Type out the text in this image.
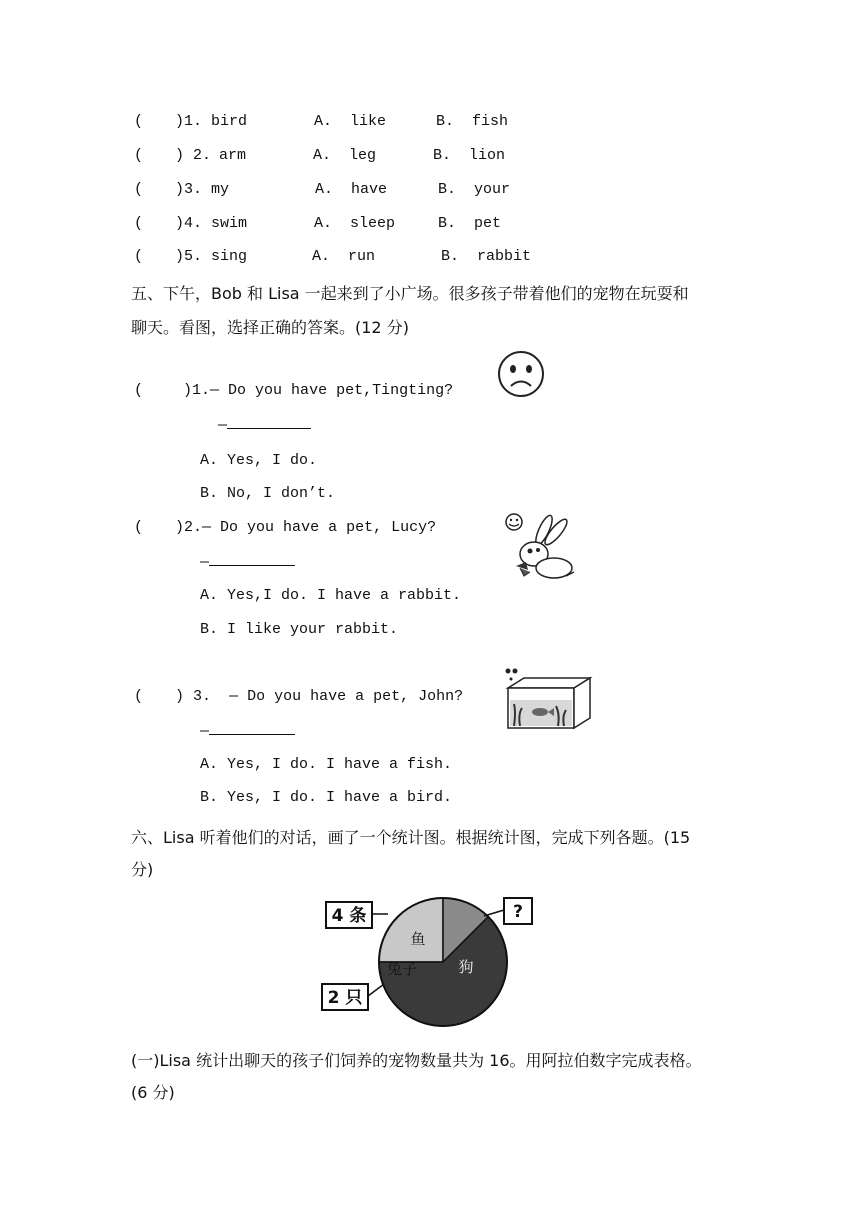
( )1. bird	A. like	B. fish
( ) 2. arm	A. leg	B. lion
( )3. my	A. have	B. your
( )4. swim	A. sleep	B. pet
( )5. sing	A. run	B. rabbit
五、下午，Bob 和 Lisa 一起来到了小广场。很多孩子带着他们的宠物在玩耍和
聊天。看图，选择正确的答案。(12 分)
(	)1.— Do you have pet,Tingting?
—
A. Yes, I do.
B. No, I don’t.
( )2.— Do you have a pet, Lucy?
—
A. Yes,I do. I have a rabbit.
B. I like your rabbit.
( ) 3. — Do you have a pet, John?
—
A. Yes, I do. I have a fish.
B. Yes, I do. I have a bird.
六、Lisa 听着他们的对话，画了一个统计图。根据统计图，完成下列各题。(15
分)
4 条
2 只
?
鱼
兔子	狗
(一)Lisa 统计出聊天的孩子们饲养的宠物数量共为 16。用阿拉伯数字完成表格。
(6 分)
